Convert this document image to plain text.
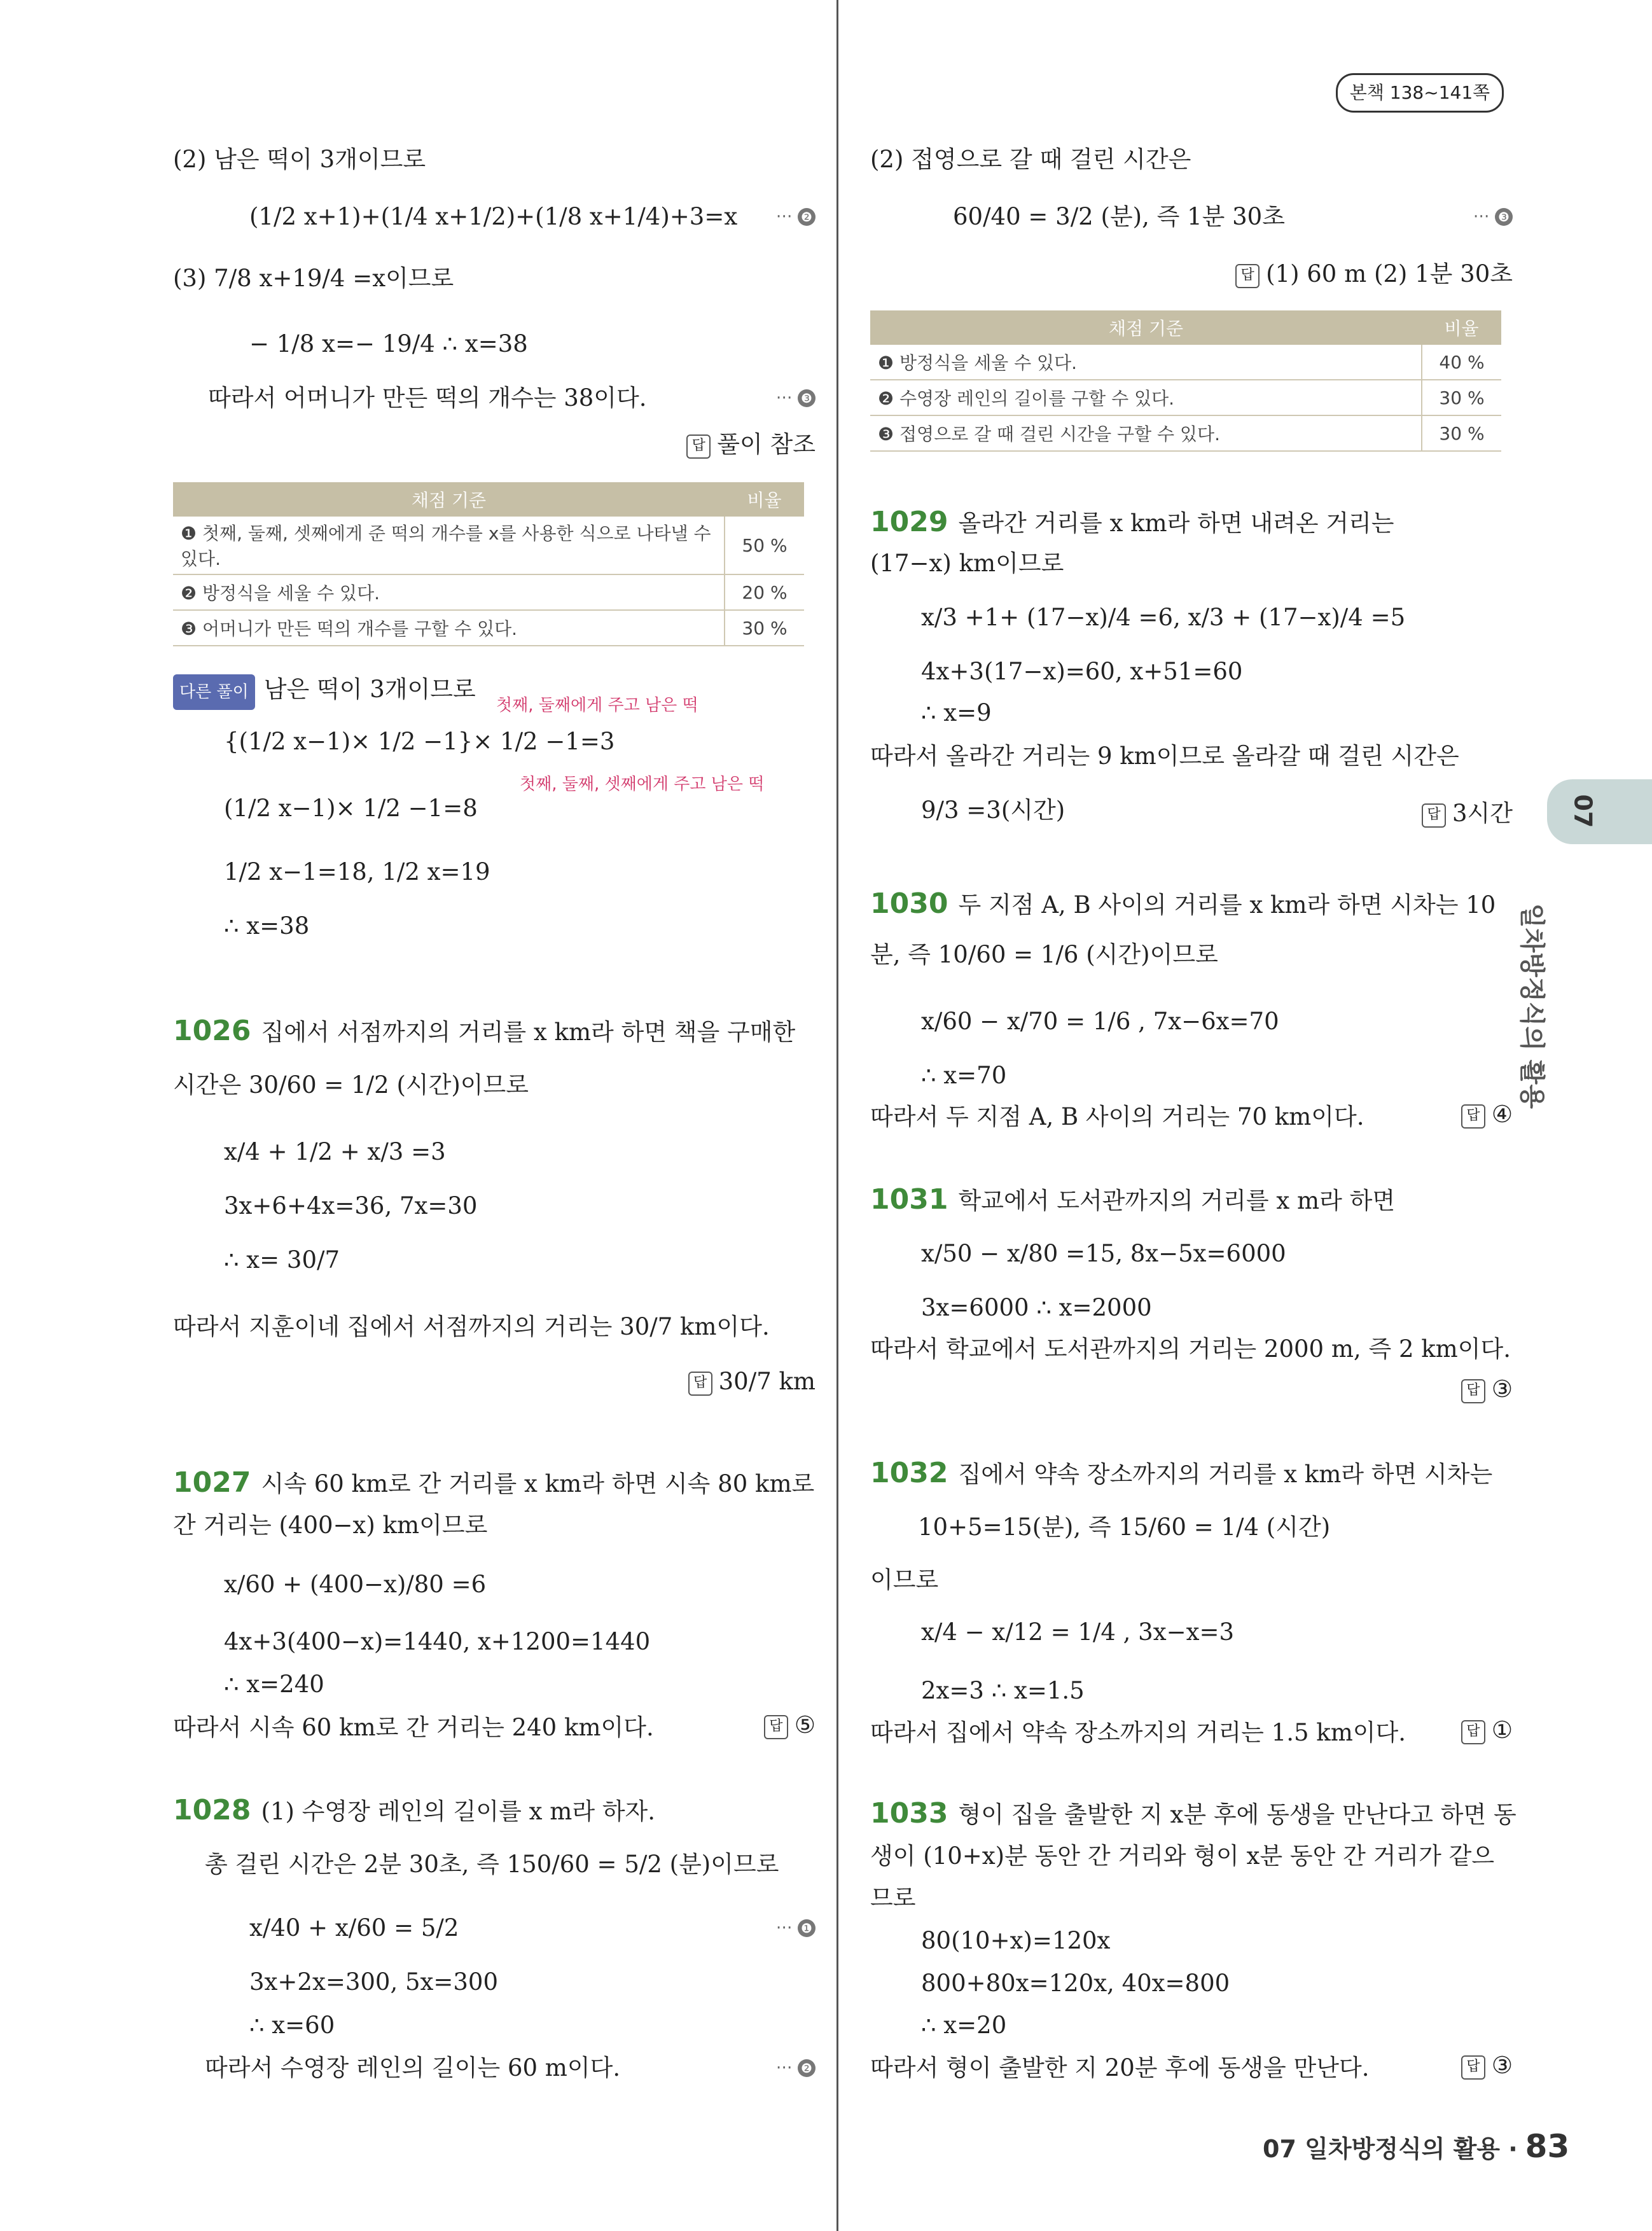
본책 138~141쪽
07
일차방정식의 활용
(2) 남은 떡이 3개이므로
(1/2 x+1)+(1/4 x+1/2)+(1/8 x+1/4)+3=x ⋯ ❷
(3) 7/8 x+19/4 =x이므로
− 1/8 x=− 19/4 ∴ x=38
따라서 어머니가 만든 떡의 개수는 38이다.	⋯ ❸
답 풀이 참조
채점 기준	비율
❶ 첫째, 둘째, 셋째에게 준 떡의 개수를 x를 사용한 식으로 나타낼 수 있다.	50 %
❷ 방정식을 세울 수 있다.	20 %
❸ 어머니가 만든 떡의 개수를 구할 수 있다.	30 %
다른 풀이 남은 떡이 3개이므로
첫째, 둘째에게 주고 남은 떡
{(1/2 x−1)× 1/2 −1}× 1/2 −1=3
첫째, 둘째, 셋째에게 주고 남은 떡
(1/2 x−1)× 1/2 −1=8
1/2 x−1=18, 1/2 x=19
∴ x=38
1026 집에서 서점까지의 거리를 x km라 하면 책을 구매한
시간은 30/60 = 1/2 (시간)이므로
x/4 + 1/2 + x/3 =3
3x+6+4x=36, 7x=30
∴ x= 30/7
따라서 지훈이네 집에서 서점까지의 거리는 30/7 km이다.
답 30/7 km
1027 시속 60 km로 간 거리를 x km라 하면 시속 80 km로
간 거리는 (400−x) km이므로
x/60 + (400−x)/80 =6
4x+3(400−x)=1440, x+1200=1440
∴ x=240
따라서 시속 60 km로 간 거리는 240 km이다.	답 ⑤
1028 (1) 수영장 레인의 길이를 x m라 하자.
총 걸린 시간은 2분 30초, 즉 150/60 = 5/2 (분)이므로
x/40 + x/60 = 5/2	⋯ ❶
3x+2x=300, 5x=300
∴ x=60
따라서 수영장 레인의 길이는 60 m이다.	⋯ ❷
(2) 접영으로 갈 때 걸린 시간은
60/40 = 3/2 (분), 즉 1분 30초	⋯ ❸
답 (1) 60 m (2) 1분 30초
채점 기준	비율
❶ 방정식을 세울 수 있다.	40 %
❷ 수영장 레인의 길이를 구할 수 있다.	30 %
❸ 접영으로 갈 때 걸린 시간을 구할 수 있다.	30 %
1029 올라간 거리를 x km라 하면 내려온 거리는
(17−x) km이므로
x/3 +1+ (17−x)/4 =6, x/3 + (17−x)/4 =5
4x+3(17−x)=60, x+51=60
∴ x=9
따라서 올라간 거리는 9 km이므로 올라갈 때 걸린 시간은
9/3 =3(시간)	답 3시간
1030 두 지점 A, B 사이의 거리를 x km라 하면 시차는 10
분, 즉 10/60 = 1/6 (시간)이므로
x/60 − x/70 = 1/6 , 7x−6x=70
∴ x=70
따라서 두 지점 A, B 사이의 거리는 70 km이다.	답 ④
1031 학교에서 도서관까지의 거리를 x m라 하면
x/50 − x/80 =15, 8x−5x=6000
3x=6000 ∴ x=2000
따라서 학교에서 도서관까지의 거리는 2000 m, 즉 2 km이다.
답 ③
1032 집에서 약속 장소까지의 거리를 x km라 하면 시차는
10+5=15(분), 즉 15/60 = 1/4 (시간)
이므로
x/4 − x/12 = 1/4 , 3x−x=3
2x=3 ∴ x=1.5
따라서 집에서 약속 장소까지의 거리는 1.5 km이다.	답 ①
1033 형이 집을 출발한 지 x분 후에 동생을 만난다고 하면 동
생이 (10+x)분 동안 간 거리와 형이 x분 동안 간 거리가 같으
므로
80(10+x)=120x
800+80x=120x, 40x=800
∴ x=20
따라서 형이 출발한 지 20분 후에 동생을 만난다.	답 ③
07 일차방정식의 활용 · 83
